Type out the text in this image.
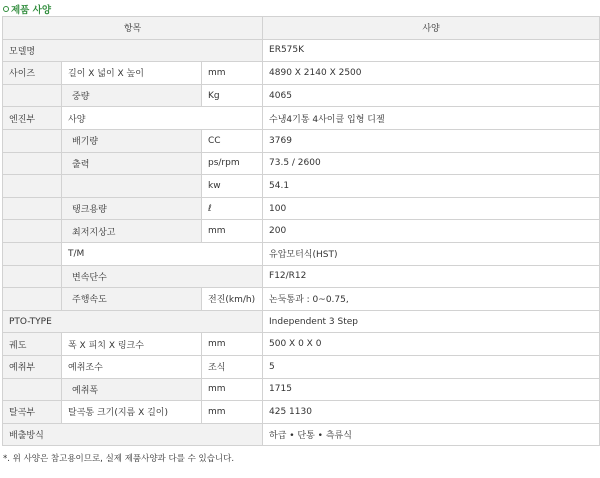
제품 사양
항목			사양
모델명			ER575K
사이즈	길이 X 넓이 X 높이	mm	4890 X 2140 X 2500
	중량	Kg	4065
엔진부	사양		수냉4기통 4사이클 입형 디젤
	배기량	CC	3769
	출력	ps/rpm	73.5 / 2600
		kw	54.1
	탱크용량	ℓ	100
	최저지상고	mm	200
	T/M		유압모터식(HST)
	변속단수		F12/R12
	주행속도	전진(km/h)	논둑통과 : 0~0.75,
PTO-TYPE			Independent 3 Step
궤도	폭 X 피치 X 링크수	mm	500 X 0 X 0
예취부	예취조수	조식	5
	예취폭	mm	1715
탈곡부	탈곡통 크기(지름 X 길이)	mm	425 1130
배출방식			하급 • 단통 • 측류식
*. 위 사양은 참고용이므로, 실제 제품사양과 다를 수 있습니다.
